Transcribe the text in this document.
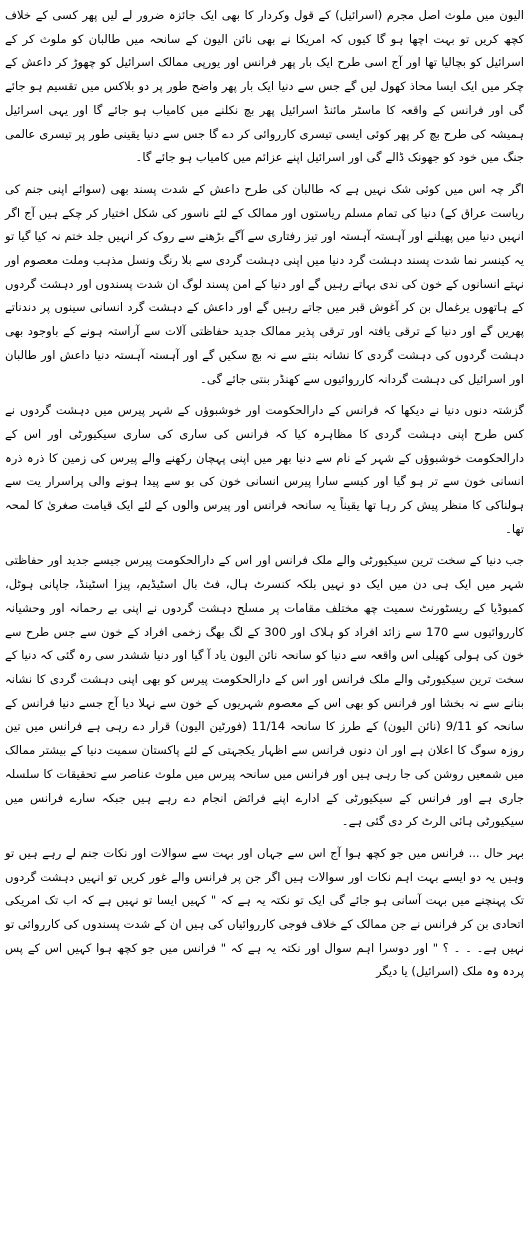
الیون میں ملوث اصل مجرم (اسرائیل) کے قول وکردار کا بھی ایک جائزہ ضرور لے لیں پھر کسی کے خلاف کچھ کریں تو بہت اچھا ہو گا کیوں کہ امریکا نے بھی نائن الیون کے سانحہ میں طالبان کو ملوث کر کے اسرائیل کو بچالیا تھا اور آج اسی طرح ایک بار پھر فرانس اور یورپی ممالک اسرائیل کو چھوڑ کر داعش کے چکر میں ایک ایسا محاذ کھول لیں گے جس سے دنیا ایک بار پھر واضح طور پر دو بلاکس میں تقسیم ہو جائے گی اور فرانس کے واقعہ کا ماسٹر مائنڈ اسرائیل پھر بچ نکلنے میں کامیاب ہو جائے گا اور یہی اسرائیل ہمیشہ کی طرح بچ کر پھر کوئی ایسی تیسری کارروائی کر دے گا جس سے دنیا یقینی طور پر تیسری عالمی جنگ میں خود کو جھونک ڈالے گی اور اسرائیل اپنے عزائم میں کامیاب ہو جائے گا۔

اگر چہ اس میں کوئی شک نہیں ہے کہ طالبان کی طرح داعش کے شدت پسند بھی (سوائے اپنی جنم کی ریاست عراق کے) دنیا کی تمام مسلم ریاستوں اور ممالک کے لئے ناسور کی شکل اختیار کر چکے ہیں آج اگر انہیں دنیا میں پھیلنے اور آہستہ آہستہ اور تیز رفتاری سے آگے بڑھنے سے روک کر انہیں جلد ختم نہ کیا گیا تو یہ کینسر نما شدت پسند دہشت گرد دنیا میں اپنی دہشت گردی سے بلا رنگ ونسل مذہب وملت معصوم اور نہتے انسانوں کے خون کی ندی بہاتے رہیں گے اور دنیا کے امن پسند لوگ ان شدت پسندوں اور دہشت گردوں کے ہاتھوں یرغمال بن کر آغوش قبر میں جاتے رہیں گے اور داعش کے دہشت گرد انسانی سینوں پر دندناتے پھریں گے اور دنیا کے ترقی یافتہ اور ترقی پذیر ممالک جدید حفاظتی آلات سے آراستہ ہونے کے باوجود بھی دہشت گردوں کی دہشت گردی کا نشانہ بنتے سے نہ بچ سکیں گے اور آہستہ آہستہ دنیا داعش اور طالبان اور اسرائیل کی دہشت گردانہ کارروائیوں سے کھنڈر بنتی جائے گی۔

گزشتہ دنوں دنیا نے دیکھا کہ فرانس کے دارالحکومت اور خوشبوؤں کے شہر پیرس میں دہشت گردوں نے کس طرح اپنی دہشت گردی کا مظاہرہ کیا کہ فرانس کی ساری کی ساری سیکیورٹی اور اس کے دارالحکومت خوشبوؤں کے شہر کے نام سے دنیا بھر میں اپنی پہچان رکھنے والے پیرس کی زمین کا ذرہ ذرہ انسانی خون سے تر ہو گیا اور کیسے سارا پیرس انسانی خون کی بو سے پیدا ہونے والی پراسرار یت سے ہولناکی کا منظر پیش کر رہا تھا یقیناً یہ سانحہ فرانس اور پیرس والوں کے لئے ایک قیامت صغریٰ کا لمحہ تھا۔

جب دنیا کے سخت ترین سیکیورٹی والے ملک فرانس اور اس کے دارالحکومت پیرس جیسے جدید اور حفاظتی شہر میں ایک ہی دن میں ایک دو نہیں بلکہ کنسرٹ ہال، فٹ بال اسٹیڈیم، پیزا اسٹینڈ، جاپانی ہوٹل، کمبوڈیا کے ریسٹورنٹ سمیت چھ مختلف مقامات پر مسلح دہشت گردوں نے اپنی بے رحمانہ اور وحشیانہ کارروائیوں سے 170 سے زائد افراد کو ہلاک اور 300 کے لگ بھگ زخمی افراد کے خون سے جس طرح سے خون کی ہولی کھیلی اس واقعہ سے دنیا کو سانحہ نائن الیون یاد آ گیا اور دنیا ششدر سی رہ گئی کہ دنیا کے سخت ترین سیکیورٹی والے ملک فرانس اور اس کے دارالحکومت پیرس کو بھی اپنی دہشت گردی کا نشانہ بنانے سے نہ بخشا اور فرانس کو بھی اس کے معصوم شہریوں کے خون سے نہلا دیا آج جسے دنیا فرانس کے سانحہ کو 9/11 (نائن الیون) کے طرز کا سانحہ 11/14 (فورٹین الیون) قرار دے رہی ہے فرانس میں تین روزہ سوگ کا اعلان ہے اور ان دنوں فرانس سے اظہار یکجہتی کے لئے پاکستان سمیت دنیا کے بیشتر ممالک میں شمعیں روشن کی جا رہی ہیں اور فرانس میں سانحہ پیرس میں ملوث عناصر سے تحقیقات کا سلسلہ جاری ہے اور فرانس کے سیکیورٹی کے ادارے اپنے فرائض انجام دے رہے ہیں جبکہ سارے فرانس میں سیکیورٹی ہائی الرٹ کر دی گئی ہے۔

بہر حال ... فرانس میں جو کچھ ہوا آج اس سے جہاں اور بہت سے سوالات اور نکات جنم لے رہے ہیں تو وہیں یہ دو ایسے بہت اہم نکات اور سوالات ہیں اگر جن پر فرانس والے غور کریں تو انہیں دہشت گردوں تک پہنچنے میں بہت آسانی ہو جائے گی ایک تو نکتہ یہ ہے کہ " کہیں ایسا تو نہیں ہے کہ اب تک امریکی اتحادی بن کر فرانس نے جن ممالک کے خلاف فوجی کارروائیاں کی ہیں ان کے شدت پسندوں کی کارروائی تو نہیں ہے۔ ۔ ۔ ؟ " اور دوسرا اہم سوال اور نکتہ یہ ہے کہ " فرانس میں جو کچھ ہوا کہیں اس کے پس پردہ وہ ملک (اسرائیل) یا دیگر
